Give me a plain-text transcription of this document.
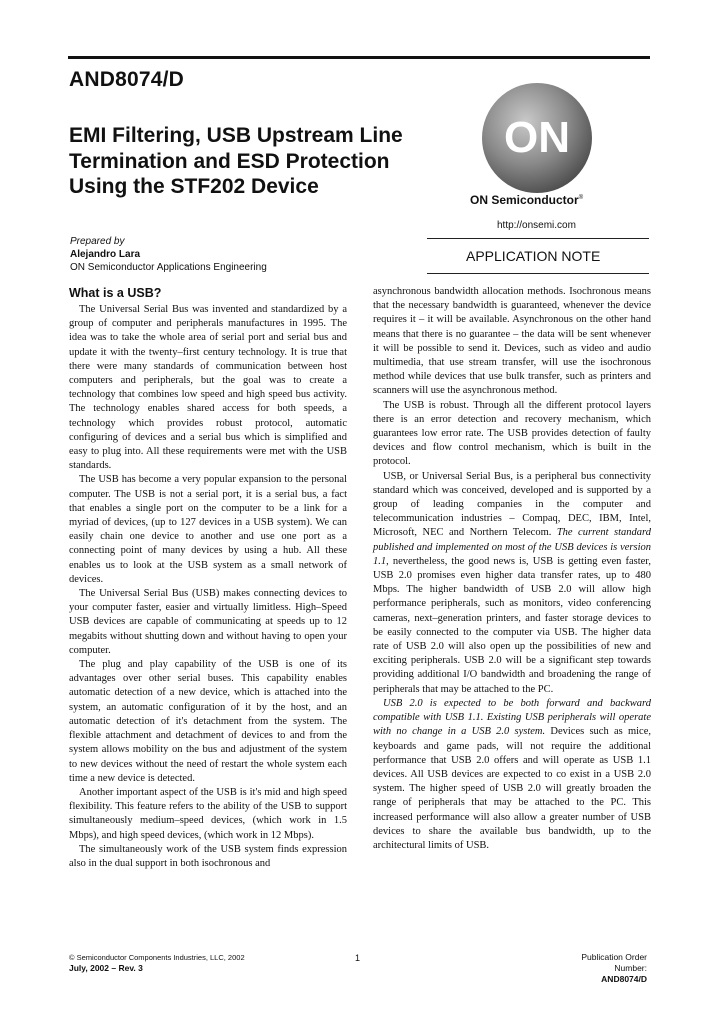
AND8074/D
EMI Filtering, USB Upstream Line Termination and ESD Protection Using the STF202 Device
Prepared by
Alejandro Lara
ON Semiconductor Applications Engineering
ON
ON Semiconductor®
http://onsemi.com
APPLICATION NOTE
What is a USB?

The Universal Serial Bus was invented and standardized by a group of computer and peripherals manufactures in 1995. The idea was to take the whole area of serial port and serial bus and update it with the twenty–first century technology. It is true that there were many standards of communication between host computers and peripherals, but the goal was to create a technology that combines low speed and high speed bus activity. The technology enables shared access for both speeds, a technology which provides robust protocol, automatic configuring of devices and a serial bus which is simplified and easy to plug into. All these requirements were met with the USB standards.

The USB has become a very popular expansion to the personal computer. The USB is not a serial port, it is a serial bus, a fact that enables a single port on the computer to be a link for a myriad of devices, (up to 127 devices in a USB system). We can easily chain one device to another and use one port as a connecting point of many devices by using a hub. All these enables us to look at the USB system as a small network of devices.

The Universal Serial Bus (USB) makes connecting devices to your computer faster, easier and virtually limitless. High–Speed USB devices are capable of communicating at speeds up to 12 megabits without shutting down and without having to open your computer.

The plug and play capability of the USB is one of its advantages over other serial buses. This capability enables automatic detection of a new device, which is attached into the system, an automatic configuration of it by the host, and an automatic detection of it's detachment from the system. The flexible attachment and detachment of devices to and from the system allows mobility on the bus and adjustment of the system to new devices without the need of restart the whole system each time a new device is detected.

Another important aspect of the USB is it's mid and high speed flexibility. This feature refers to the ability of the USB to support simultaneously medium–speed devices, (which work in 1.5 Mbps), and high speed devices, (which work in 12 Mbps).

The simultaneously work of the USB system finds expression also in the dual support in both isochronous and

asynchronous bandwidth allocation methods. Isochronous means that the necessary bandwidth is guaranteed, whenever the device requires it – it will be available. Asynchronous on the other hand means that there is no guarantee – the data will be sent whenever it will be possible to send it. Devices, such as video and audio multimedia, that use stream transfer, will use the isochronous method while devices that use bulk transfer, such as printers and scanners will use the asynchronous method.

The USB is robust. Through all the different protocol layers there is an error detection and recovery mechanism, which guarantees low error rate. The USB provides detection of faulty devices and flow control mechanism, which is built in the protocol.

USB, or Universal Serial Bus, is a peripheral bus connectivity standard which was conceived, developed and is supported by a group of leading companies in the computer and telecommunication industries – Compaq, DEC, IBM, Intel, Microsoft, NEC and Northern Telecom. The current standard published and implemented on most of the USB devices is version 1.1, nevertheless, the good news is, USB is getting even faster, USB 2.0 promises even higher data transfer rates, up to 480 Mbps. The higher bandwidth of USB 2.0 will allow high performance peripherals, such as monitors, video conferencing cameras, next–generation printers, and faster storage devices to be easily connected to the computer via USB. The higher data rate of USB 2.0 will also open up the possibilities of new and exciting peripherals. USB 2.0 will be a significant step towards providing additional I/O bandwidth and broadening the range of peripherals that may be attached to the PC.

USB 2.0 is expected to be both forward and backward compatible with USB 1.1. Existing USB peripherals will operate with no change in a USB 2.0 system. Devices such as mice, keyboards and game pads, will not require the additional performance that USB 2.0 offers and will operate as USB 1.1 devices. All USB devices are expected to co exist in a USB 2.0 system. The higher speed of USB 2.0 will greatly broaden the range of peripherals that may be attached to the PC. This increased performance will also allow a greater number of USB devices to share the available bus bandwidth, up to the architectural limits of USB.

© Semiconductor Components Industries, LLC, 2002
July, 2002 – Rev. 3
1	Publication Order Number:
AND8074/D
